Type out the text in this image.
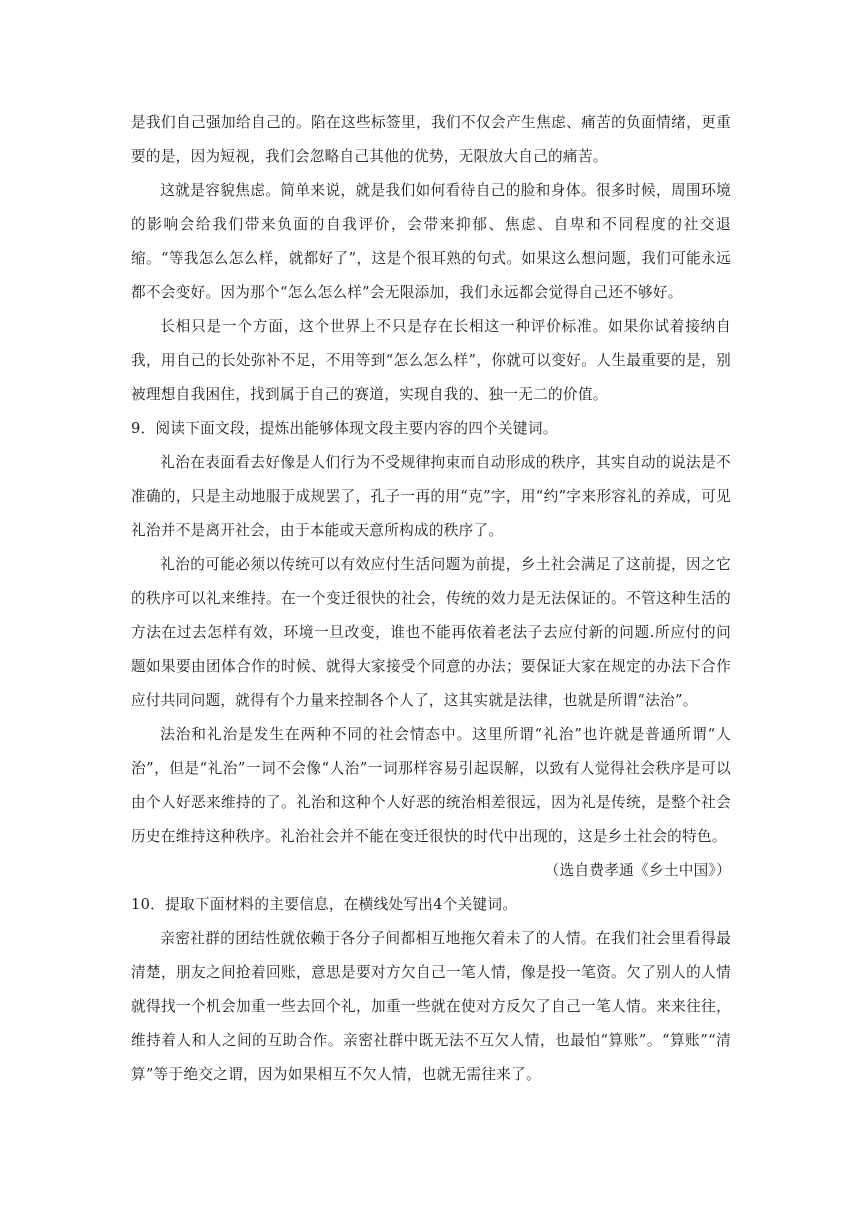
是我们自己强加给自己的。陷在这些标签里，我们不仅会产生焦虑、痛苦的负面情绪，更重要的是，因为短视，我们会忽略自己其他的优势，无限放大自己的痛苦。

这就是容貌焦虑。简单来说，就是我们如何看待自己的脸和身体。很多时候，周围环境的影响会给我们带来负面的自我评价，会带来抑郁、焦虑、自卑和不同程度的社交退缩。“等我怎么怎么样，就都好了”，这是个很耳熟的句式。如果这么想问题，我们可能永远都不会变好。因为那个“怎么怎么样”会无限添加，我们永远都会觉得自己还不够好。

长相只是一个方面，这个世界上不只是存在长相这一种评价标准。如果你试着接纳自我，用自己的长处弥补不足，不用等到“怎么怎么样”，你就可以变好。人生最重要的是，别被理想自我困住，找到属于自己的赛道，实现自我的、独一无二的价值。

9．阅读下面文段，提炼出能够体现文段主要内容的四个关键词。

礼治在表面看去好像是人们行为不受规律拘束而自动形成的秩序，其实自动的说法是不准确的，只是主动地服于成规罢了，孔子一再的用“克”字，用“约”字来形容礼的养成，可见礼治并不是离开社会，由于本能或天意所构成的秩序了。

礼治的可能必须以传统可以有效应付生活问题为前提，乡土社会满足了这前提，因之它的秩序可以礼来维持。在一个变迁很快的社会，传统的效力是无法保证的。不管这种生活的方法在过去怎样有效，环境一旦改变，谁也不能再依着老法子去应付新的问题.所应付的问题如果要由团体合作的时候、就得大家接受个同意的办法；要保证大家在规定的办法下合作应付共同问题，就得有个力量来控制各个人了，这其实就是法律，也就是所谓“法治”。

法治和礼治是发生在两种不同的社会情态中。这里所谓“礼治”也许就是普通所谓“人治”，但是“礼治”一词不会像“人治”一词那样容易引起误解，以致有人觉得社会秩序是可以由个人好恶来维持的了。礼治和这种个人好恶的统治相差很远，因为礼是传统，是整个社会历史在维持这种秩序。礼治社会并不能在变迁很快的时代中出现的，这是乡土社会的特色。

（选自费孝通《乡土中国》）

10．提取下面材料的主要信息，在横线处写出4个关键词。

亲密社群的团结性就依赖于各分子间都相互地拖欠着未了的人情。在我们社会里看得最清楚，朋友之间抢着回账，意思是要对方欠自己一笔人情，像是投一笔资。欠了别人的人情就得找一个机会加重一些去回个礼，加重一些就在使对方反欠了自己一笔人情。来来往往，维持着人和人之间的互助合作。亲密社群中既无法不互欠人情，也最怕“算账”。“算账”“清算”等于绝交之谓，因为如果相互不欠人情，也就无需往来了。
